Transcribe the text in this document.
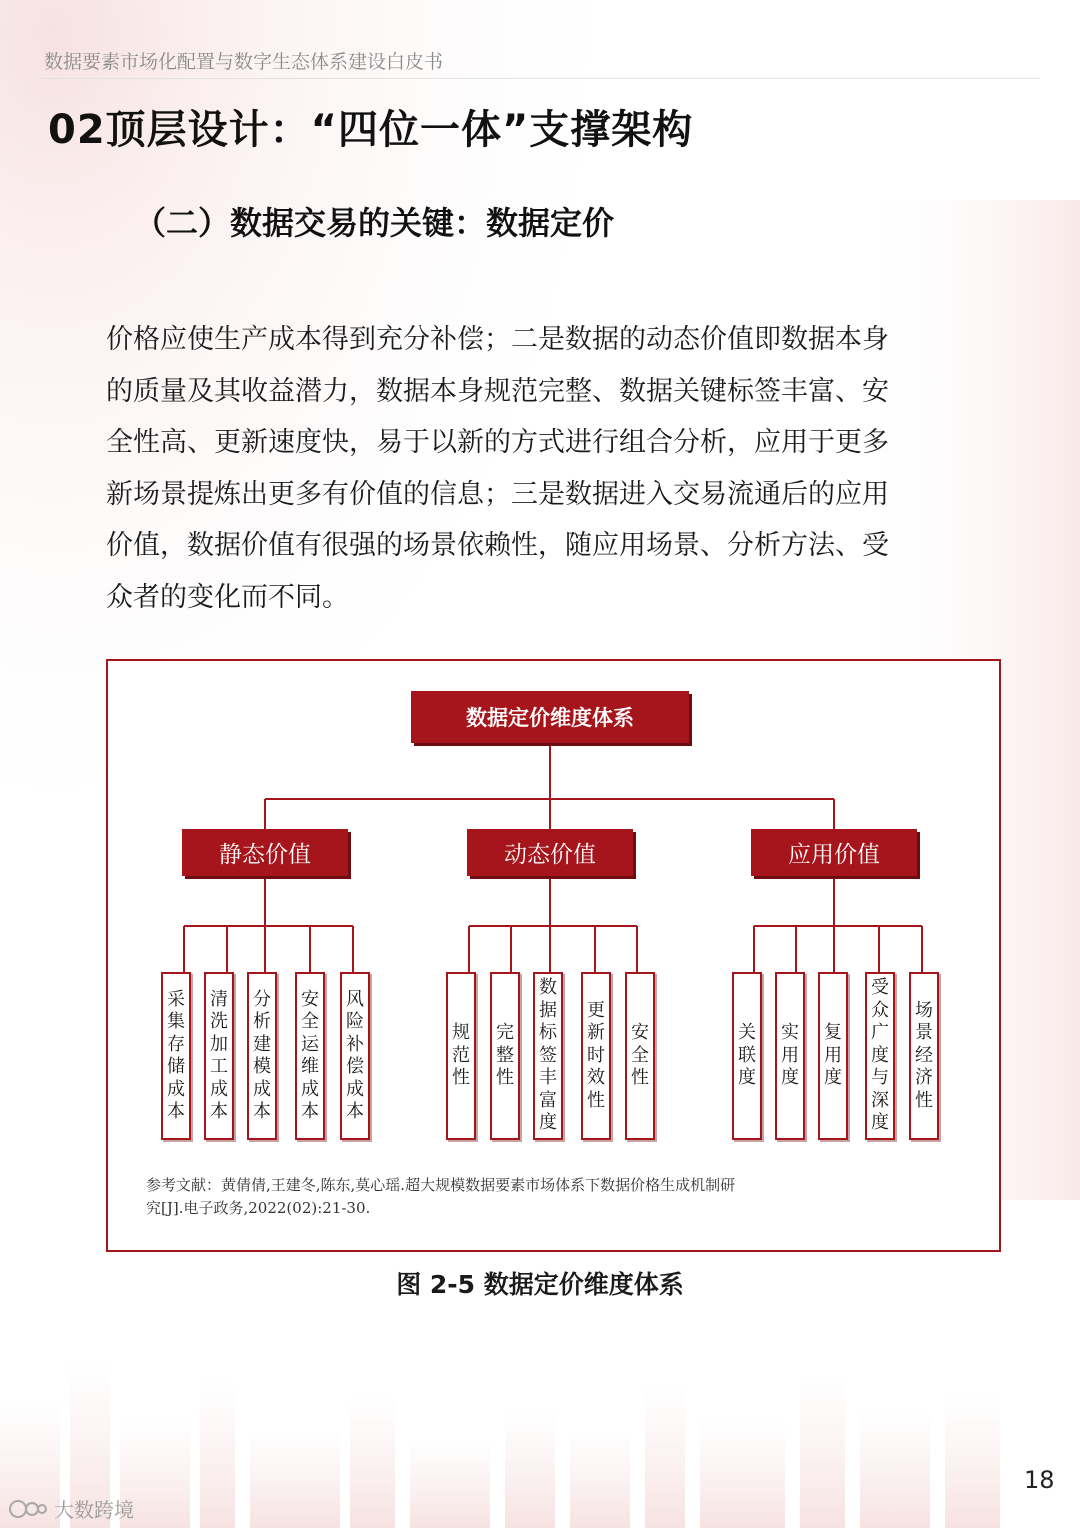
数据要素市场化配置与数字生态体系建设白皮书
02顶层设计：“四位一体”支撑架构
（二）数据交易的关键：数据定价
价格应使生产成本得到充分补偿；二是数据的动态价值即数据本身
的质量及其收益潜力，数据本身规范完整、数据关键标签丰富、安
全性高、更新速度快，易于以新的方式进行组合分析，应用于更多
新场景提炼出更多有价值的信息；三是数据进入交易流通后的应用
价值，数据价值有很强的场景依赖性，随应用场景、分析方法、受
众者的变化而不同。
数据定价维度体系
静态价值	动态价值	应用价值
采
集
存
储
成
本
清
洗
加
工
成
本
分
析
建
模
成
本
安
全
运
维
成
本
风
险
补
偿
成
本
规
范
性
完
整
性
数
据
标
签
丰
富
度
更
新
时
效
性
安
全
性
关
联
度
实
用
度
复
用
度
受
众
广
度
与
深
度
场
景
经
济
性
参考文献：黄倩倩,王建冬,陈东,莫心瑶.超大规模数据要素市场体系下数据价格生成机制研
究[J].电子政务,2022(02):21-30.
图 2-5 数据定价维度体系
18
大数跨境
